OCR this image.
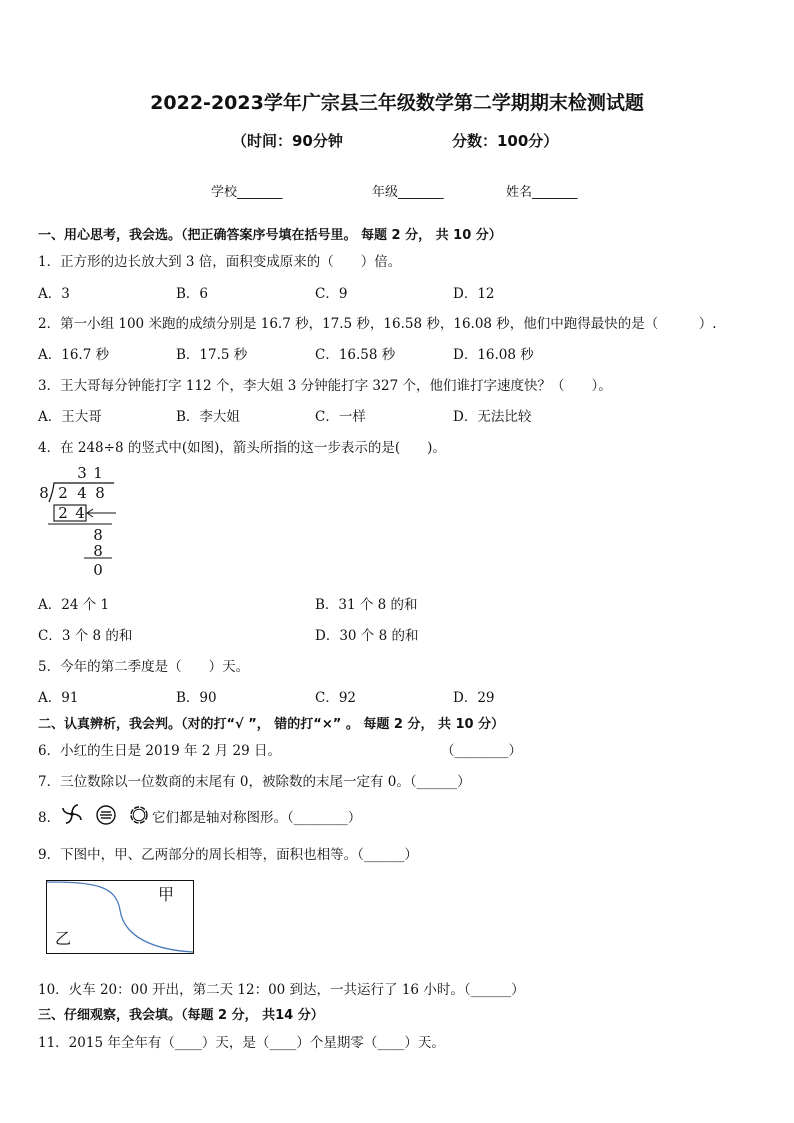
2022-2023学年广宗县三年级数学第二学期期末检测试题
（时间：90分钟	分数：100分）
学校_______	年级_______	姓名_______
一、用心思考，我会选。（把正确答案序号填在括号里。 每题 2 分， 共 10 分）
1．正方形的边长放大到 3 倍，面积变成原来的（　　）倍。
A．3	B．6	C．9	D．12
2．第一小组 100 米跑的成绩分别是 16.7 秒，17.5 秒，16.58 秒，16.08 秒，他们中跑得最快的是（　　　）.
A．16.7 秒	B．17.5 秒	C．16.58 秒	D．16.08 秒
3．王大哥每分钟能打字 112 个，李大姐 3 分钟能打字 327 个，他们谁打字速度快？（　　）。
A．王大哥	B．李大姐	C．一样	D．无法比较
4．在 248÷8 的竖式中(如图)，箭头所指的这一步表示的是(　　)。
3 1
8 2 4 8
2 4
8
8
0
A．24 个 1	B．31 个 8 的和
C．3 个 8 的和	D．30 个 8 的和
5．今年的第二季度是（　　）天。
A．91	B．90	C．92	D．29
二、认真辨析，我会判。（对的打“√ ”， 错的打“×” 。 每题 2 分， 共 10 分）
6．小红的生日是 2019 年 2 月 29 日。	（________）
7．三位数除以一位数商的末尾有 0，被除数的末尾一定有 0。（______）
8．	它们都是轴对称图形。（________）
9．下图中，甲、乙两部分的周长相等，面积也相等。（______）
甲
乙
10．火车 20：00 开出，第二天 12：00 到达，一共运行了 16 小时。（______）
三、仔细观察，我会填。（每题 2 分， 共14 分）
11．2015 年全年有（____）天，是（____）个星期零（____）天。
